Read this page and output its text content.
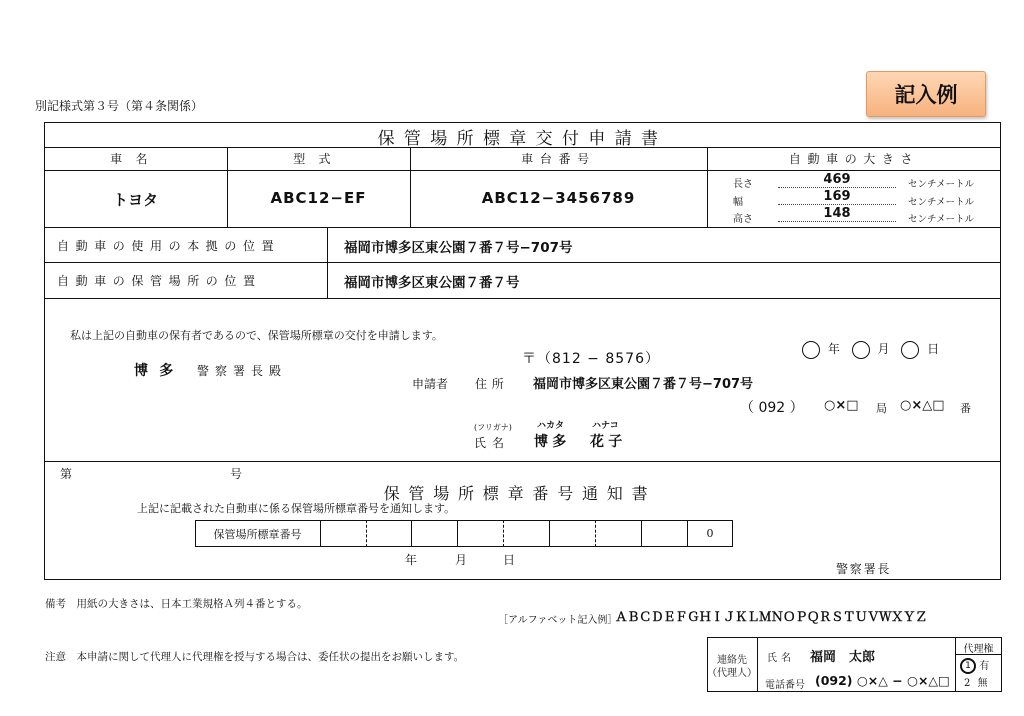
記入例
別記様式第３号（第４条関係）
保管場所標章交付申請書
車名	型式	車台番号	自動車の大きさ
トヨタ	ABC12−EF	ABC12−3456789
長さ	469	センチメートル
幅	169	センチメートル
高さ	148	センチメートル
自動車の使用の本拠の位置	福岡市博多区東公園７番７号−707号
自動車の保管場所の位置	福岡市博多区東公園７番７号
私は上記の自動車の保有者であるので、保管場所標章の交付を申請します。
年	月	日
博多 警察署長殿
〒（812 − 8576）
申請者 住所 福岡市博多区東公園７番７号−707号
（ 092 ） ○×□ 局 ○×△□ 番
(フリガナ)	ハカタ	ハナコ
氏名 博多 花子
第	号
保管場所標章番号通知書
上記に記載された自動車に係る保管場所標章番号を通知します。
保管場所標章番号	0
年	月	日
警察署長
備考　用紙の大きさは、日本工業規格Ａ列４番とする。
［アルファベット記入例］
ＡＢＣＤＥＦＧＨＩＪＫＬＭＮＯＰＱＲＳＴＵＶＷＸＹＺ
注意　本申請に関して代理人に代理権を授与する場合は、委任状の提出をお願いします。	連絡先
（代理人）
氏名 福岡　太郎
電話番号 (092) ○×△ − ○×△□
代理権
1 有
2 無
